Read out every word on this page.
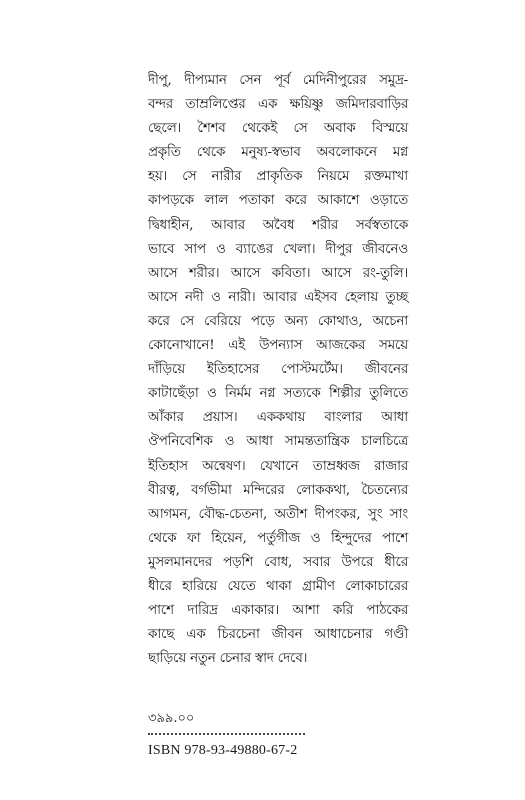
দীপু, দীপ্যমান সেন পূর্ব মেদিনীপুরের সমুদ্র-
বন্দর তাম্রলিপ্তের এক ক্ষয়িষ্ণু জমিদারবাড়ির
ছেলে। শৈশব থেকেই সে অবাক বিস্ময়ে
প্রকৃতি থেকে মনুষ্য-স্বভাব অবলোকনে মগ্ন
হয়। সে নারীর প্রাকৃতিক নিয়মে রক্তমাখা
কাপড়কে লাল পতাকা করে আকাশে ওড়াতে
দ্বিধাহীন, আবার অবৈধ শরীর সর্বস্বতাকে
ভাবে সাপ ও ব্যাঙের খেলা। দীপুর জীবনেও
আসে শরীর। আসে কবিতা। আসে রং-তুলি।
আসে নদী ও নারী। আবার এইসব হেলায় তুচ্ছ
করে সে বেরিয়ে পড়ে অন্য কোথাও, অচেনা
কোনোখানে! এই উপন্যাস আজকের সময়ে
দাঁড়িয়ে ইতিহাসের পোস্টমর্টেম। জীবনের
কাটাছেঁড়া ও নির্মম নগ্ন সত্যকে শিল্পীর তুলিতে
আঁকার প্রয়াস। এককথায় বাংলার আধা
ঔপনিবেশিক ও আধা সামন্ততান্ত্রিক চালচিত্রে
ইতিহাস অন্বেষণ। যেখানে তাম্রধ্বজ রাজার
বীরত্ব, বর্গভীমা মন্দিরের লোককথা, চৈতন্যের
আগমন, বৌদ্ধ-চেতনা, অতীশ দীপংকর, সুং সাং
থেকে ফা হিয়েন, পর্তুগীজ ও হিন্দুদের পাশে
মুসলমানদের পড়শি বোধ, সবার উপরে ধীরে
ধীরে হারিয়ে যেতে থাকা গ্রামীণ লোকাচারের
পাশে দারিদ্র একাকার। আশা করি পাঠকের
কাছে এক চিরচেনা জীবন আধাচেনার গণ্ডী
ছাড়িয়ে নতুন চেনার স্বাদ দেবে।
৩৯৯.০০
ISBN 978-93-49880-67-2
